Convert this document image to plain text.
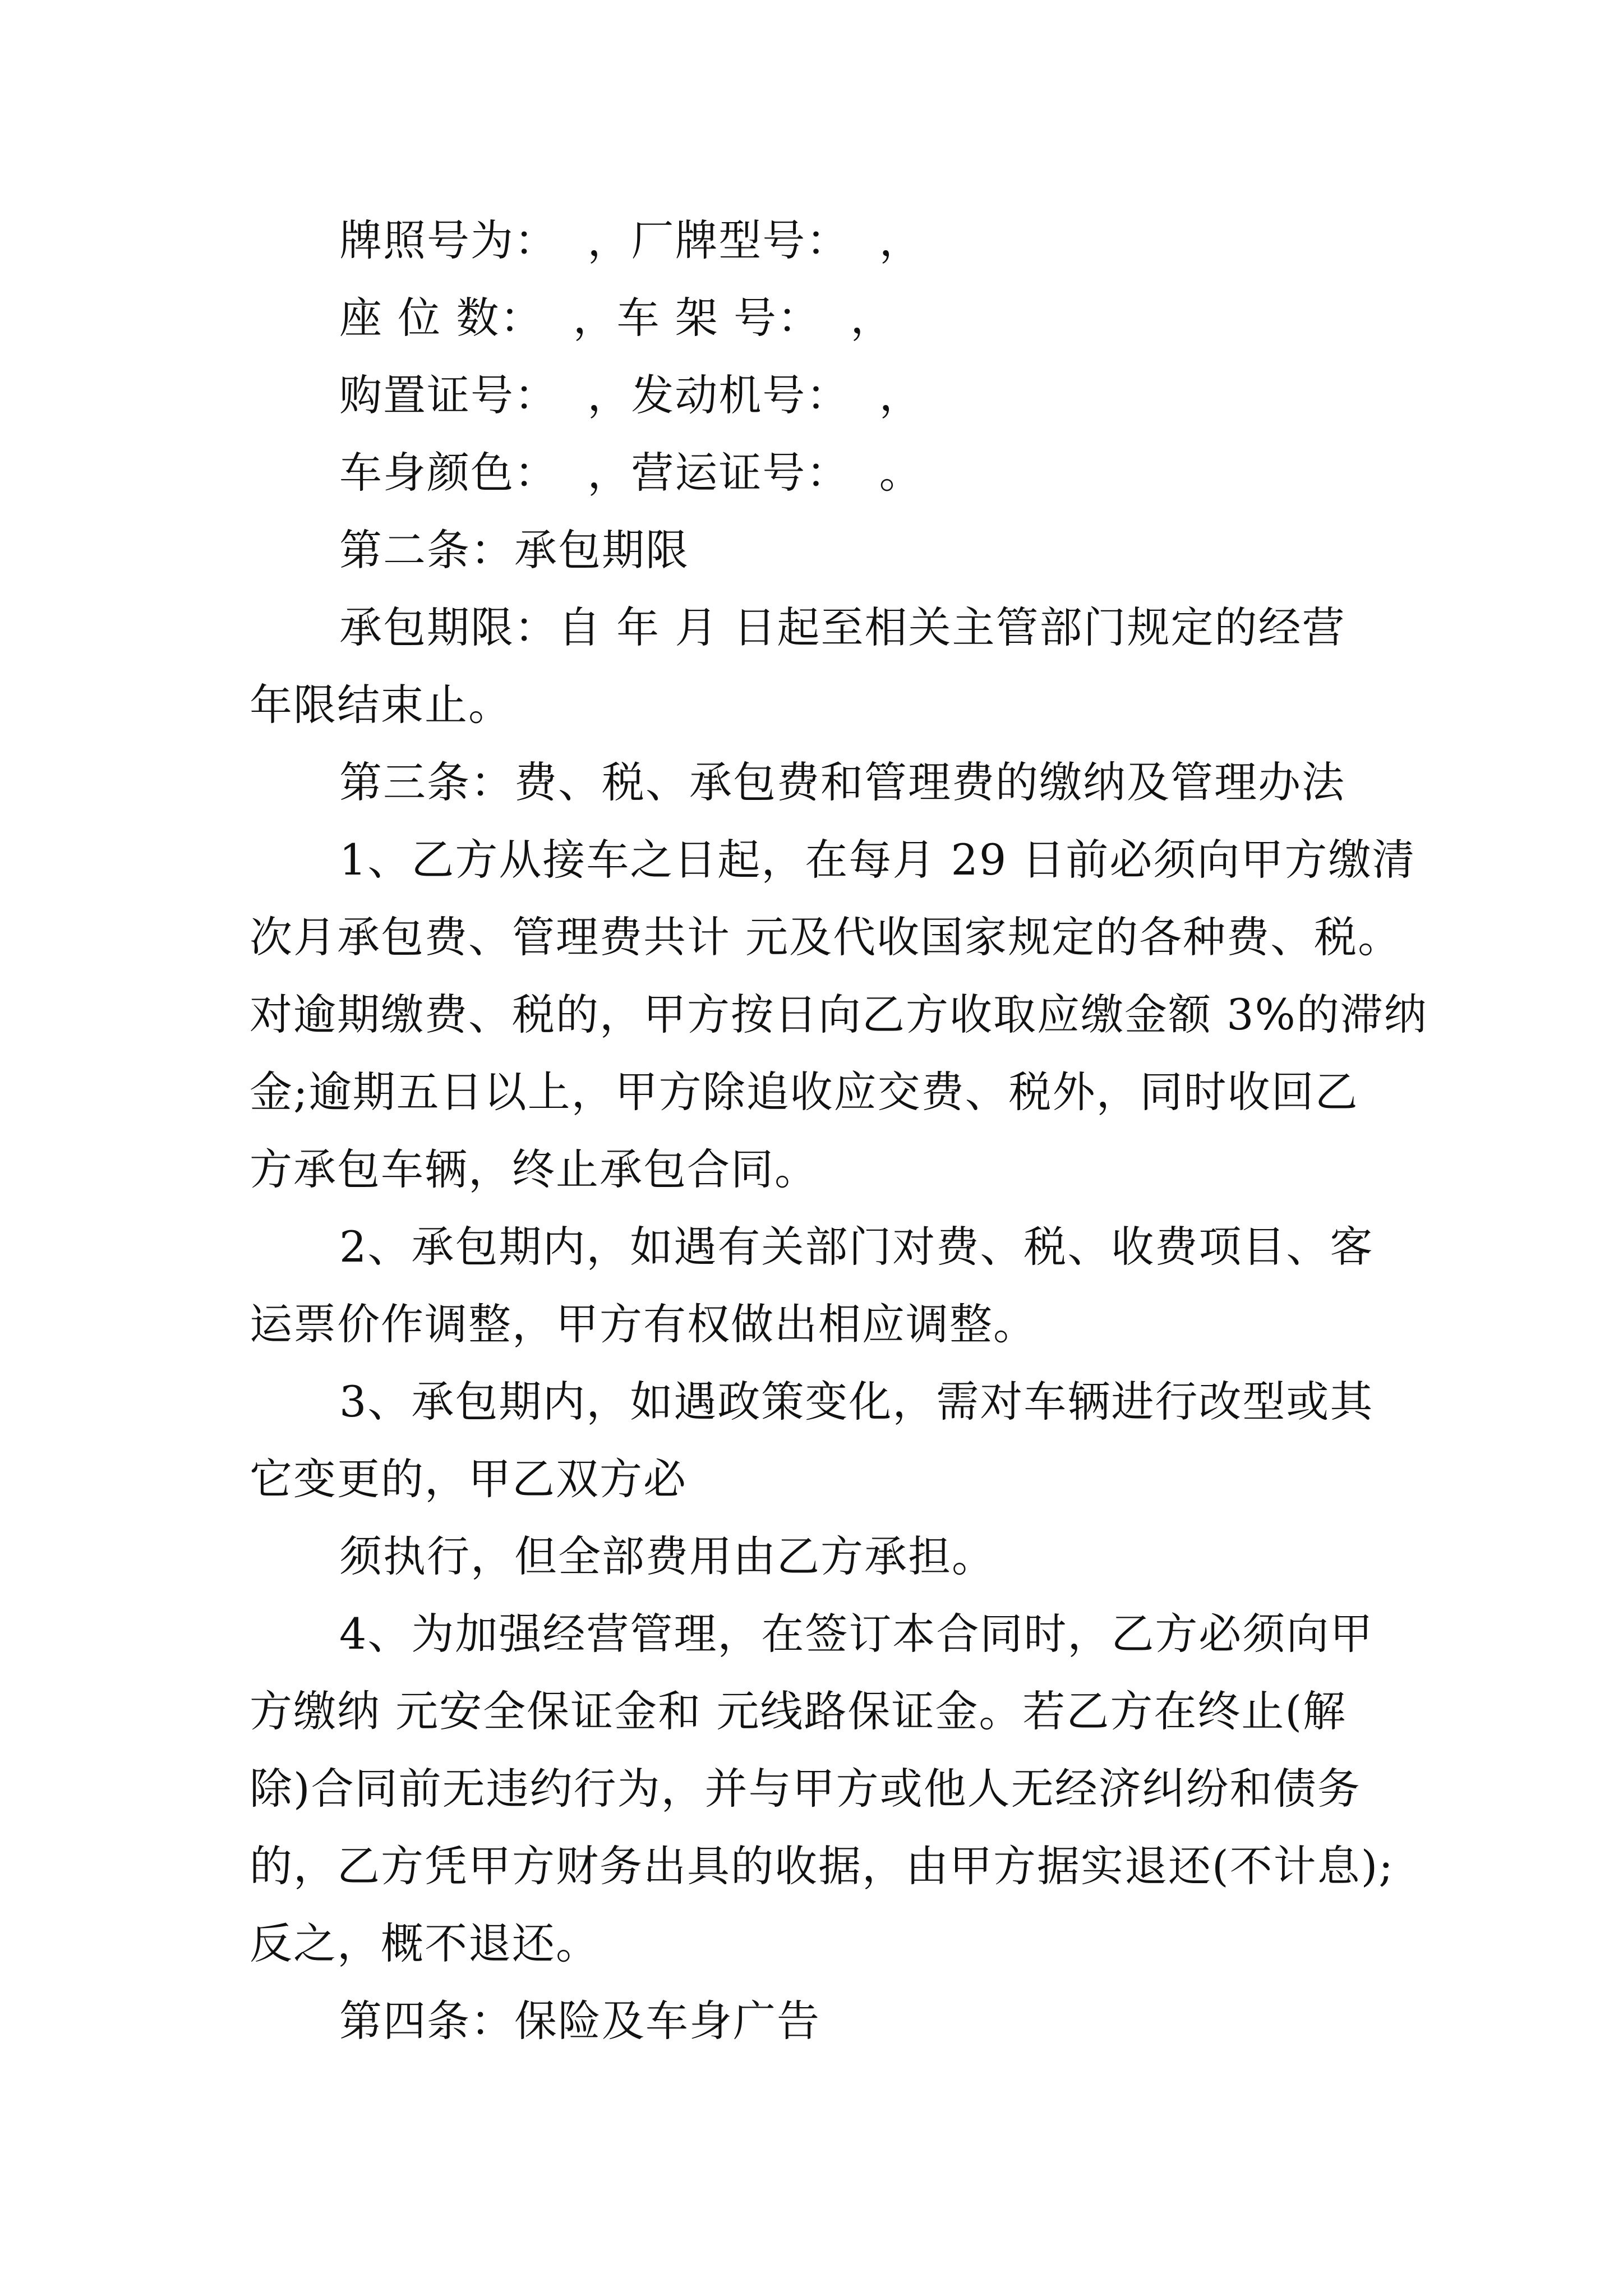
牌照号为：  ，厂牌型号：  ，
座 位 数：  ，车 架 号：  ，
购置证号：  ，发动机号：  ，
车身颜色：  ，营运证号：  。
第二条：承包期限
承包期限：自 年 月 日起至相关主管部门规定的经营
年限结束止。
第三条：费、税、承包费和管理费的缴纳及管理办法
1、乙方从接车之日起，在每月 29 日前必须向甲方缴清
次月承包费、管理费共计 元及代收国家规定的各种费、税。
对逾期缴费、税的，甲方按日向乙方收取应缴金额 3%的滞纳
金;逾期五日以上，甲方除追收应交费、税外，同时收回乙
方承包车辆，终止承包合同。
2、承包期内，如遇有关部门对费、税、收费项目、客
运票价作调整，甲方有权做出相应调整。
3、承包期内，如遇政策变化，需对车辆进行改型或其
它变更的，甲乙双方必
须执行，但全部费用由乙方承担。
4、为加强经营管理，在签订本合同时，乙方必须向甲
方缴纳 元安全保证金和 元线路保证金。若乙方在终止(解
除)合同前无违约行为，并与甲方或他人无经济纠纷和债务
的，乙方凭甲方财务出具的收据，由甲方据实退还(不计息);
反之，概不退还。
第四条：保险及车身广告
